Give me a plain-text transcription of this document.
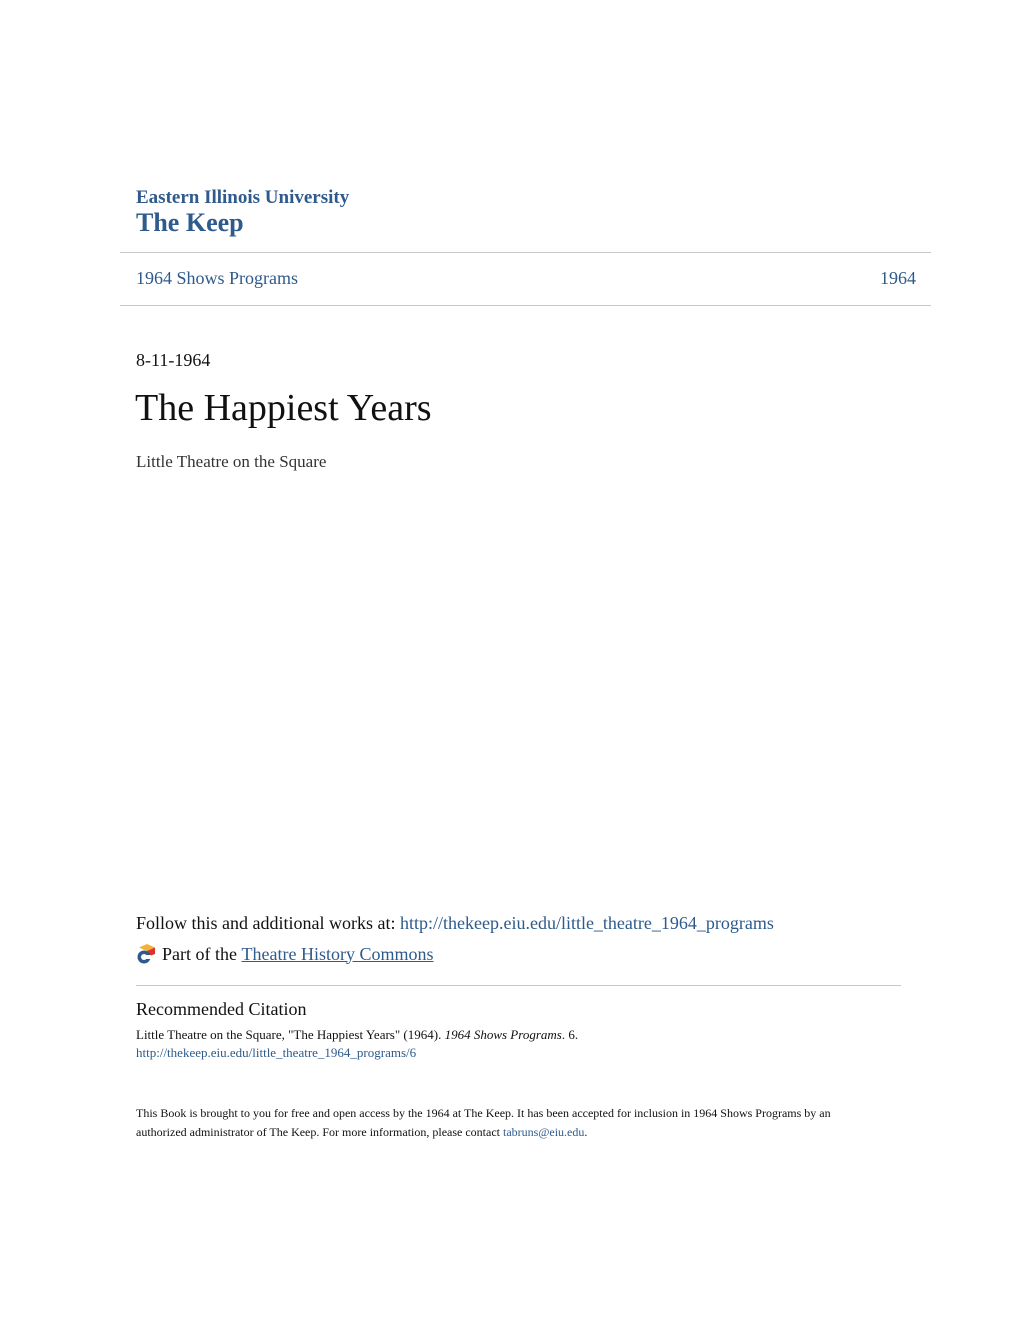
Eastern Illinois University
The Keep
1964 Shows Programs	1964
8-11-1964
The Happiest Years
Little Theatre on the Square
Follow this and additional works at: http://thekeep.eiu.edu/little_theatre_1964_programs
Part of the
Theatre History Commons
Recommended Citation
Little Theatre on the Square, "The Happiest Years" (1964). 1964 Shows Programs. 6.
http://thekeep.eiu.edu/little_theatre_1964_programs/6
This Book is brought to you for free and open access by the 1964 at The Keep. It has been accepted for inclusion in 1964 Shows Programs by an authorized administrator of The Keep. For more information, please contact tabruns@eiu.edu.
